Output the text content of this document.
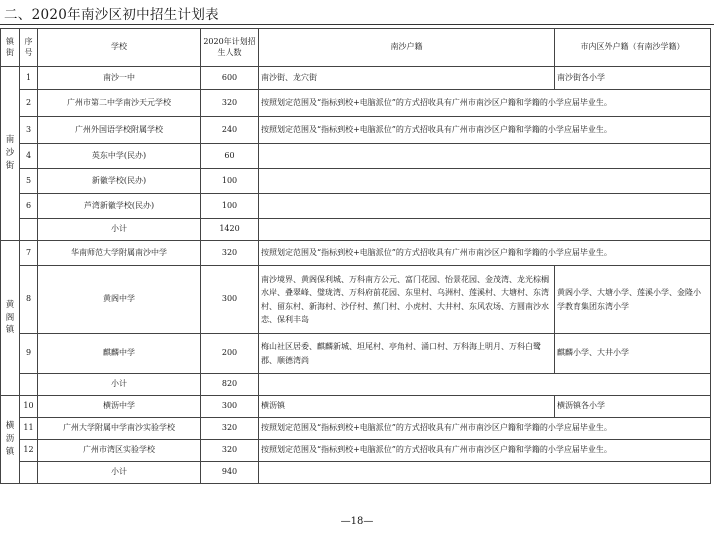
二、2020年南沙区初中招生计划表
镇街	序号	学校	2020年计划招生人数	南沙户籍	市内区外户籍（有南沙学籍）

南沙街	1	南沙一中	600	南沙街、龙穴街	南沙街各小学
	2	广州市第二中学南沙天元学校	320	按照划定范围及“指标到校+电脑派位”的方式招收具有广州市南沙区户籍和学籍的小学应届毕业生。	
	3	广州外国语学校附属学校	240	按照划定范围及“指标到校+电脑派位”的方式招收具有广州市南沙区户籍和学籍的小学应届毕业生。	
	4	英东中学(民办)	60		
	5	新徽学校(民办)	100		
	6	芦湾新徽学校(民办)	100		
		小计	1420		

黄阁镇	7	华南师范大学附属南沙中学	320	按照划定范围及“指标到校+电脑派位”的方式招收具有广州市南沙区户籍和学籍的小学应届毕业生。	
	8	黄阁中学	300	南沙境界、黄阁保利城、万科南方公元、富门花园、怡景花园、金茂湾、龙光棕榈水岸、叠翠峰、璧珑湾、万科府前花园、东里村、乌洲村、莲溪村、大塘村、东湾村、留东村、新海村、沙仔村、蕉门村、小虎村、大井村、东风农场、方圆南沙水恋、保利丰岛	黄阁小学、大塘小学、莲溪小学、金隆小学教育集团东湾小学
	9	麒麟中学	200	梅山社区居委、麒麟新城、坦尾村、亭角村、涌口村、万科海上明月、万科白鹭郡、顺德湾尚	麒麟小学、大井小学
		小计	820		

横沥镇	10	横沥中学	300	横沥镇	横沥镇各小学
	11	广州大学附属中学南沙实验学校	320	按照划定范围及“指标到校+电脑派位”的方式招收具有广州市南沙区户籍和学籍的小学应届毕业生。	
	12	广州市湾区实验学校	320	按照划定范围及“指标到校+电脑派位”的方式招收具有广州市南沙区户籍和学籍的小学应届毕业生。	
		小计	940		
—18—
